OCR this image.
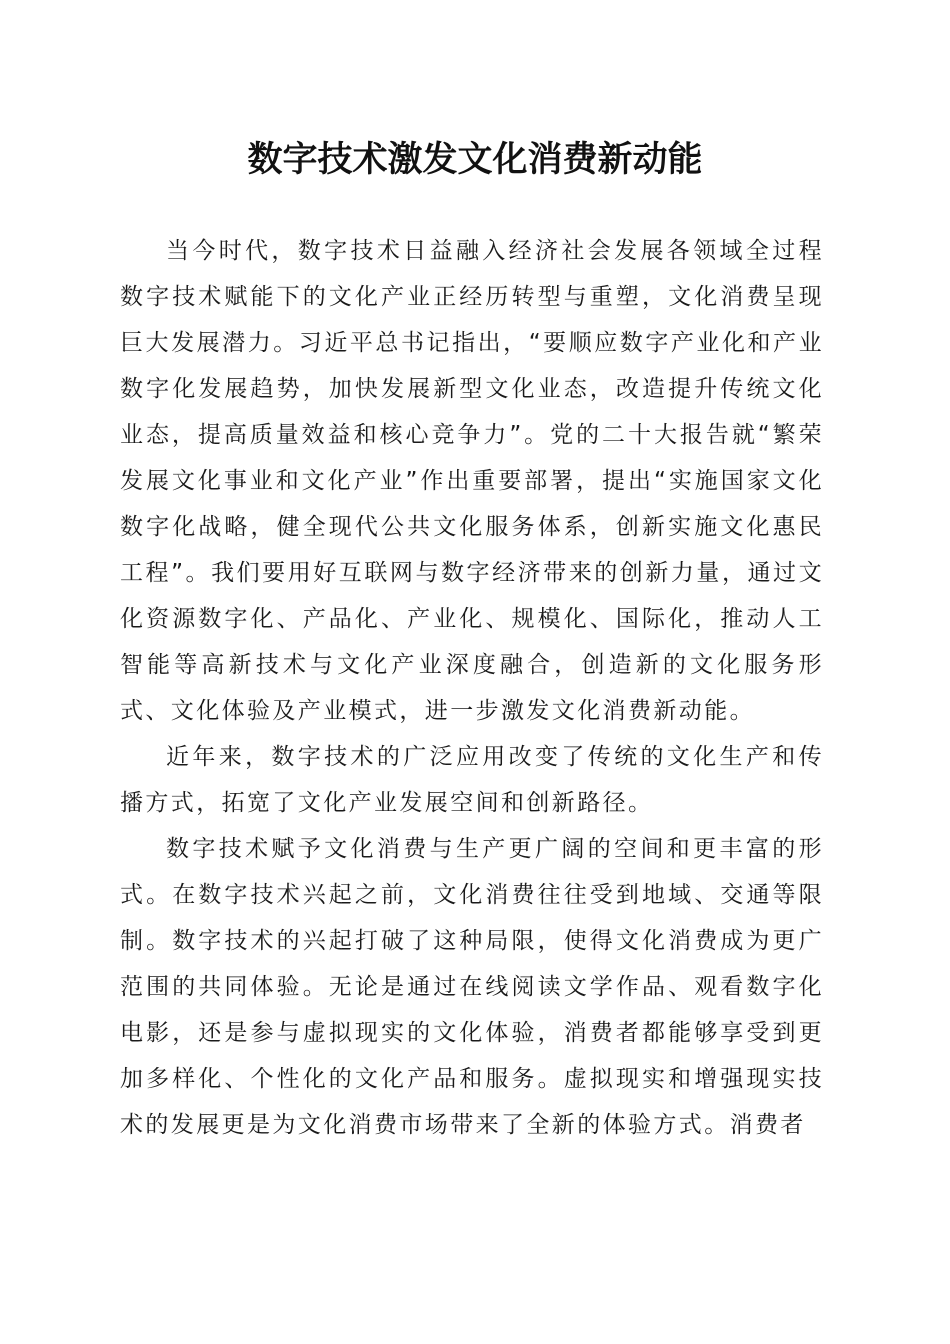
数字技术激发文化消费新动能

当今时代，数字技术日益融入经济社会发展各领域全过程数字技术赋能下的文化产业正经历转型与重塑，文化消费呈现巨大发展潜力。习近平总书记指出，“要顺应数字产业化和产业数字化发展趋势，加快发展新型文化业态，改造提升传统文化业态，提高质量效益和核心竞争力”。党的二十大报告就“繁荣发展文化事业和文化产业”作出重要部署，提出“实施国家文化数字化战略，健全现代公共文化服务体系，创新实施文化惠民工程”。我们要用好互联网与数字经济带来的创新力量，通过文化资源数字化、产品化、产业化、规模化、国际化，推动人工智能等高新技术与文化产业深度融合，创造新的文化服务形式、文化体验及产业模式，进一步激发文化消费新动能。

近年来，数字技术的广泛应用改变了传统的文化生产和传播方式，拓宽了文化产业发展空间和创新路径。

数字技术赋予文化消费与生产更广阔的空间和更丰富的形式。在数字技术兴起之前，文化消费往往受到地域、交通等限制。数字技术的兴起打破了这种局限，使得文化消费成为更广范围的共同体验。无论是通过在线阅读文学作品、观看数字化电影，还是参与虚拟现实的文化体验，消费者都能够享受到更加多样化、个性化的文化产品和服务。虚拟现实和增强现实技术的发展更是为文化消费市场带来了全新的体验方式。消费者
